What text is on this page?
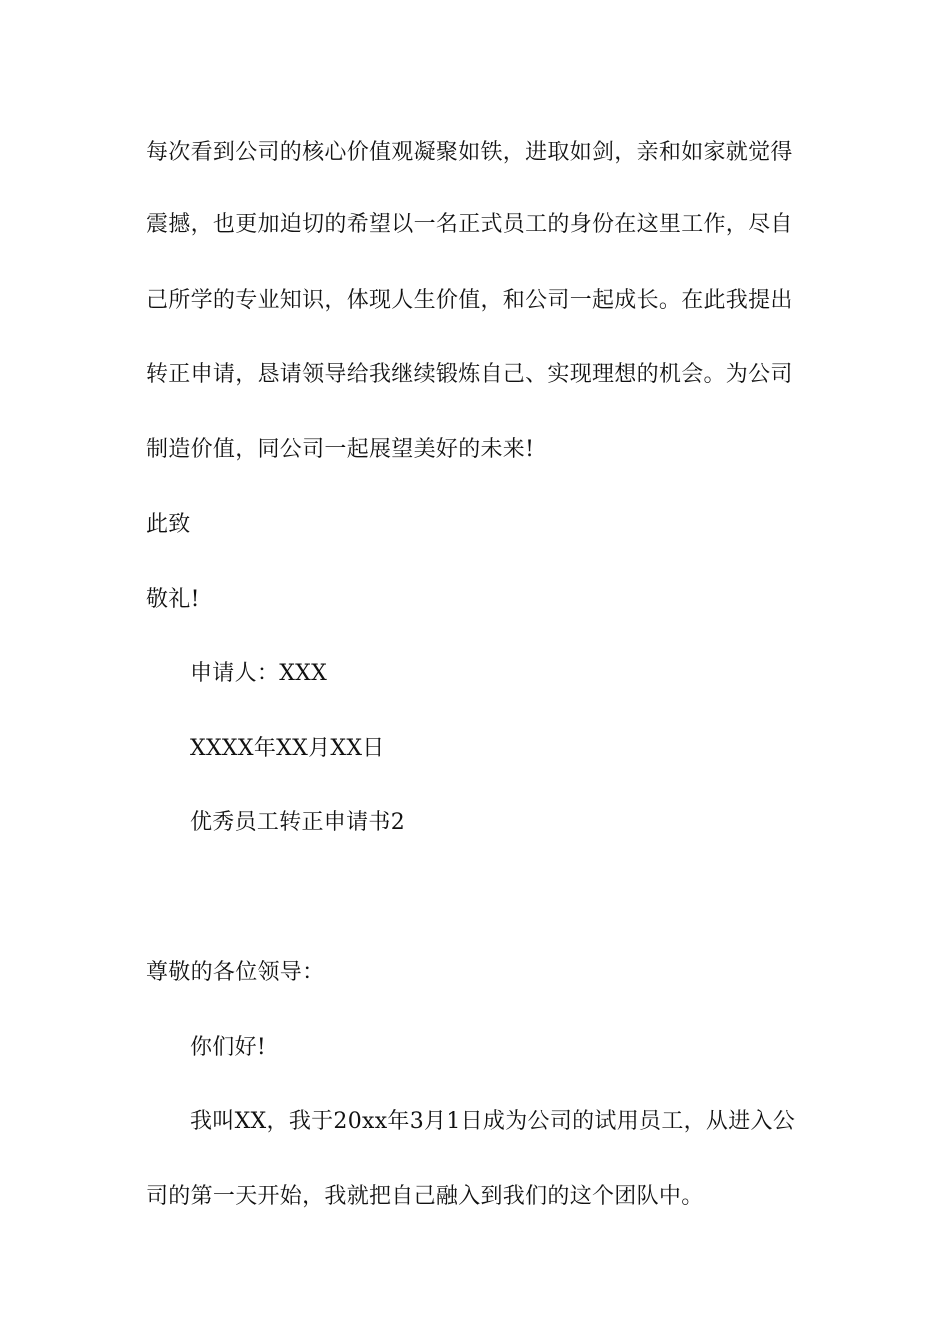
每次看到公司的核心价值观凝聚如铁，进取如剑，亲和如家就觉得
震撼，也更加迫切的希望以一名正式员工的身份在这里工作，尽自
己所学的专业知识，体现人生价值，和公司一起成长。在此我提出
转正申请，恳请领导给我继续锻炼自己、实现理想的机会。为公司
制造价值，同公司一起展望美好的未来!
此致
敬礼!
申请人：XXX
XXXX年XX月XX日
优秀员工转正申请书2
尊敬的各位领导：
你们好!
我叫XX，我于20xx年3月1日成为公司的试用员工，从进入公
司的第一天开始，我就把自己融入到我们的这个团队中。
